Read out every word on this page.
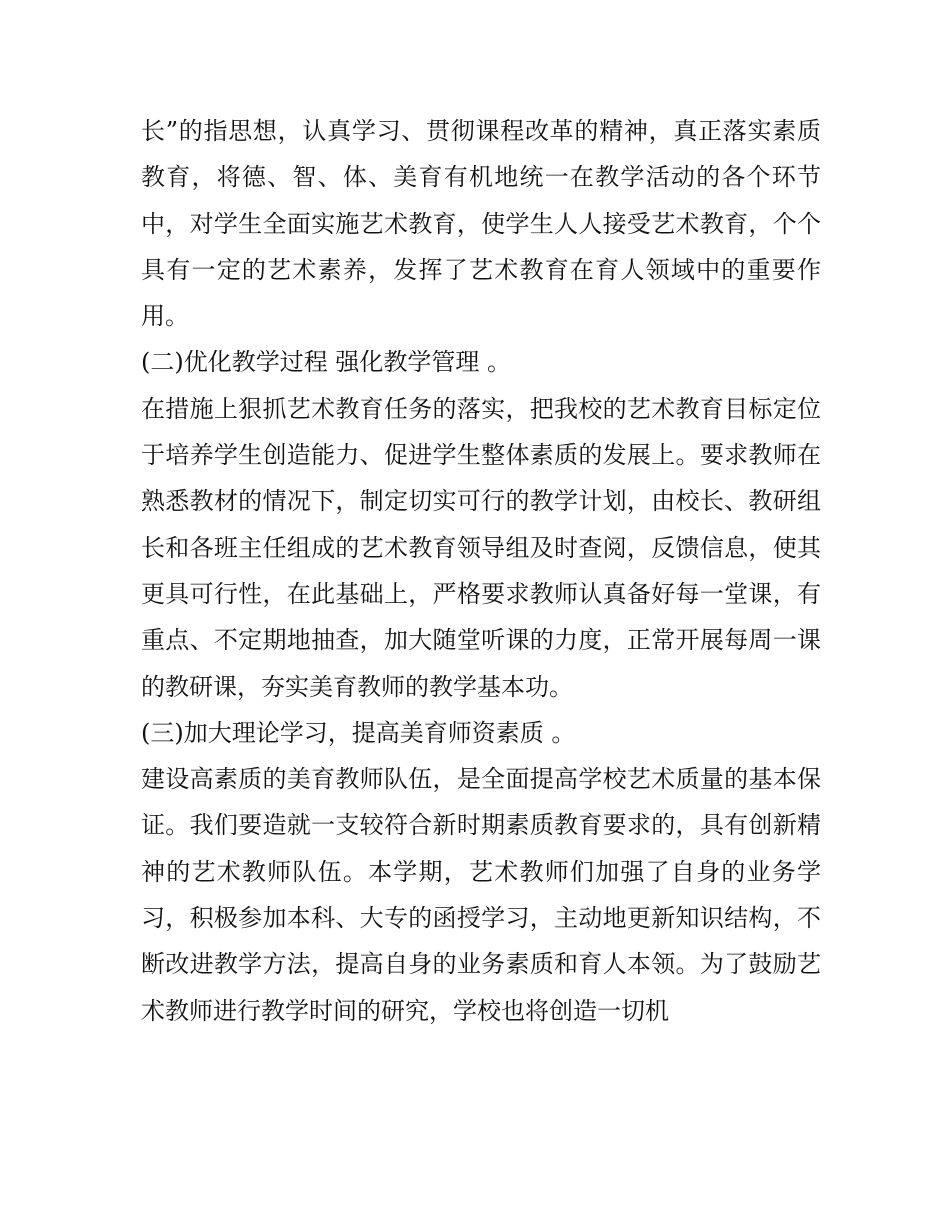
长”的指思想，认真学习、贯彻课程改革的精神，真正落实素质教育，将德、智、体、美育有机地统一在教学活动的各个环节中，对学生全面实施艺术教育，使学生人人接受艺术教育，个个具有一定的艺术素养，发挥了艺术教育在育人领域中的重要作用。

(二)优化教学过程 强化教学管理 。

在措施上狠抓艺术教育任务的落实，把我校的艺术教育目标定位于培养学生创造能力、促进学生整体素质的发展上。要求教师在熟悉教材的情况下，制定切实可行的教学计划，由校长、教研组长和各班主任组成的艺术教育领导组及时查阅，反馈信息，使其更具可行性，在此基础上，严格要求教师认真备好每一堂课，有重点、不定期地抽查，加大随堂听课的力度，正常开展每周一课的教研课，夯实美育教师的教学基本功。

(三)加大理论学习，提高美育师资素质 。

建设高素质的美育教师队伍，是全面提高学校艺术质量的基本保证。我们要造就一支较符合新时期素质教育要求的，具有创新精神的艺术教师队伍。本学期，艺术教师们加强了自身的业务学习，积极参加本科、大专的函授学习，主动地更新知识结构，不断改进教学方法，提高自身的业务素质和育人本领。为了鼓励艺术教师进行教学时间的研究，学校也将创造一切机
